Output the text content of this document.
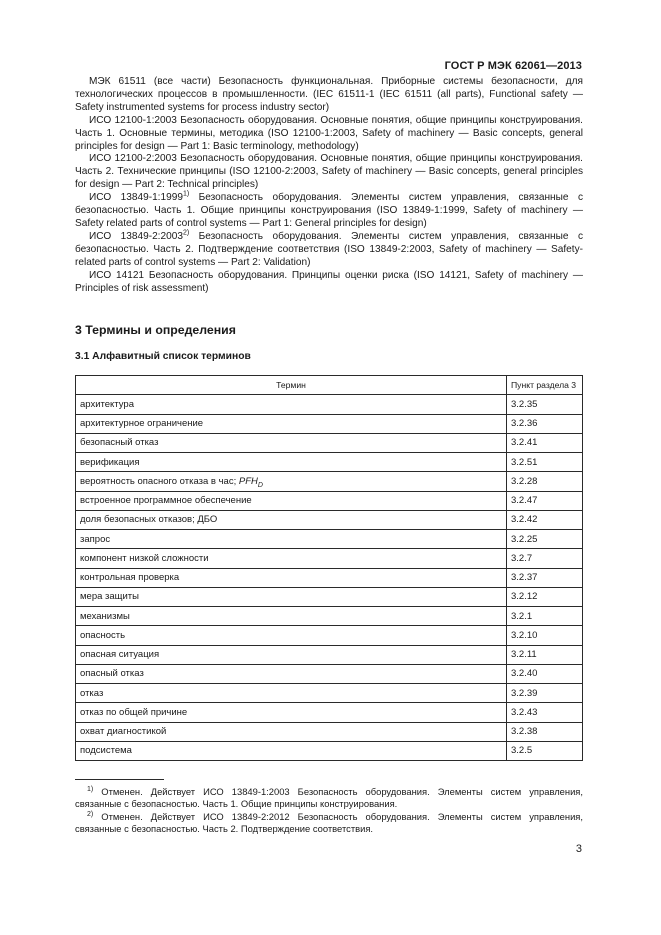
ГОСТ Р МЭК 62061—2013

МЭК 61511 (все части) Безопасность функциональная. Приборные системы безопасности, для технологических процессов в промышленности. (IEC 61511-1 (IEC 61511 (all parts), Functional safety — Safety instrumented systems for process industry sector)

ИСО 12100-1:2003 Безопасность оборудования. Основные понятия, общие принципы конструирования. Часть 1. Основные термины, методика (ISO 12100-1:2003, Safety of machinery — Basic concepts, general principles for design — Part 1: Basic terminology, methodology)

ИСО 12100-2:2003 Безопасность оборудования. Основные понятия, общие принципы конструирования. Часть 2. Технические принципы (ISO 12100-2:2003, Safety of machinery — Basic concepts, general principles for design — Part 2: Technical principles)

ИСО 13849-1:1999$^{1)}$ Безопасность оборудования. Элементы систем управления, связанные с безопасностью. Часть 1. Общие принципы конструирования (ISO 13849-1:1999, Safety of machinery — Safety related parts of control systems — Part 1: General principles for design)

ИСО 13849-2:2003$^{2)}$ Безопасность оборудования. Элементы систем управления, связанные с безопасностью. Часть 2. Подтверждение соответствия (ISO 13849-2:2003, Safety of machinery — Safety-related parts of control systems — Part 2: Validation)

ИСО 14121 Безопасность оборудования. Принципы оценки риска (ISO 14121, Safety of machinery — Principles of risk assessment)

3 Термины и определения
3.1 Алфавитный список терминов
Термин	Пункт раздела 3
архитектура	3.2.35
архитектурное ограничение	3.2.36
безопасный отказ	3.2.41
верификация	3.2.51
вероятность опасного отказа в час; $PFH_D$	3.2.28
встроенное программное обеспечение	3.2.47
доля безопасных отказов; ДБО	3.2.42
запрос	3.2.25
компонент низкой сложности	3.2.7
контрольная проверка	3.2.37
мера защиты	3.2.12
механизмы	3.2.1
опасность	3.2.10
опасная ситуация	3.2.11
опасный отказ	3.2.40
отказ	3.2.39
отказ по общей причине	3.2.43
охват диагностикой	3.2.38
подсистема	3.2.5

$^{1)}$ Отменен. Действует ИСО 13849-1:2003 Безопасность оборудования. Элементы систем управления, связанные с безопасностью. Часть 1. Общие принципы конструирования.

$^{2)}$ Отменен. Действует ИСО 13849-2:2012 Безопасность оборудования. Элементы систем управления, связанные с безопасностью. Часть 2. Подтверждение соответствия.

3
